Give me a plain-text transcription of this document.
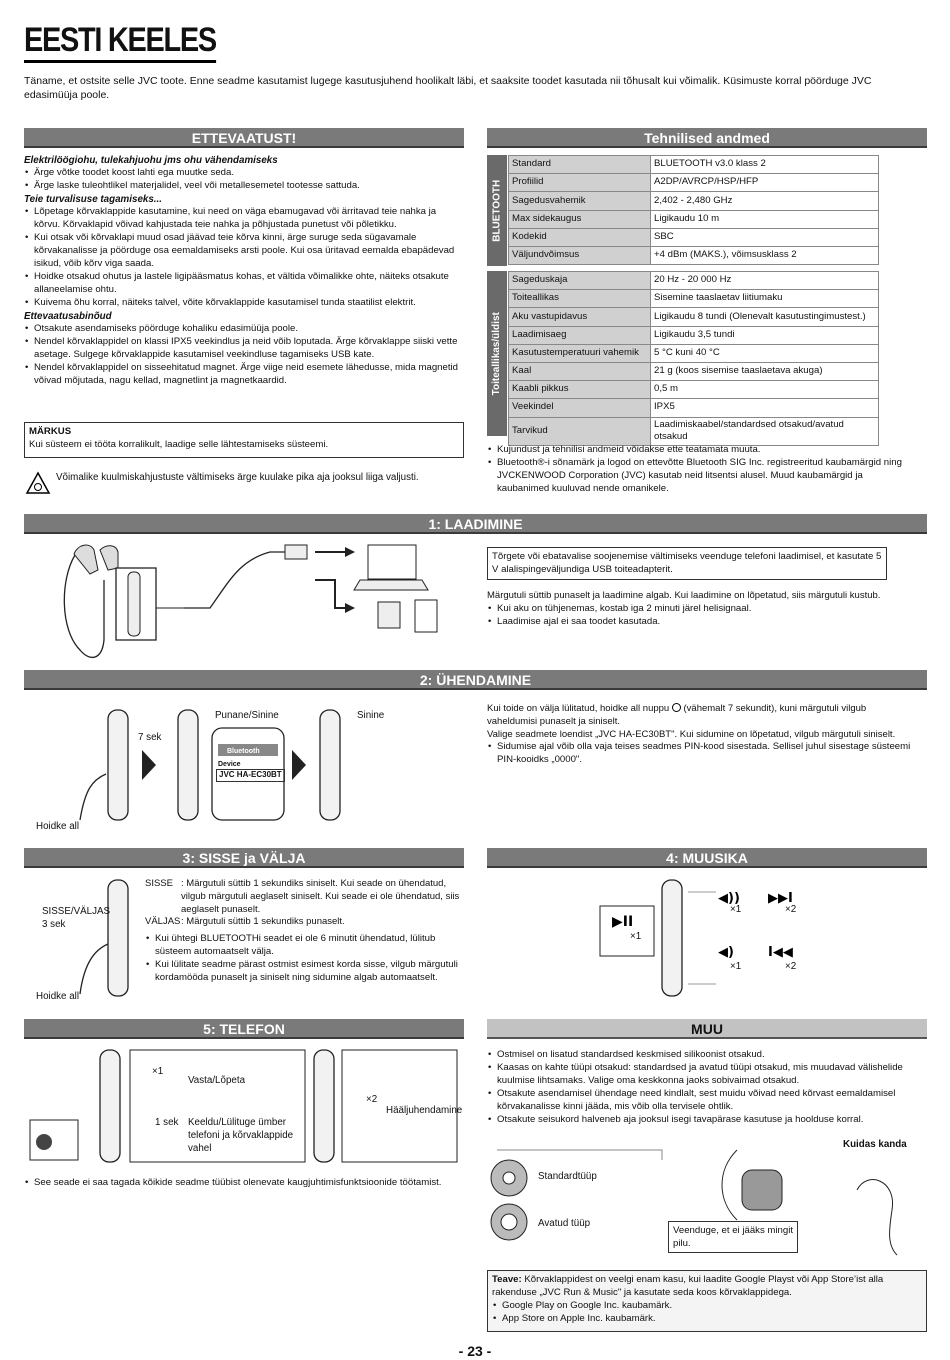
EESTI KEELES
Täname, et ostsite selle JVC toote. Enne seadme kasutamist lugege kasutusjuhend hoolikalt läbi, et saaksite toodet kasutada nii tõhusalt kui võimalik. Küsimuste korral pöörduge JVC edasimüüja poole.
ETTEVAATUST!
Elektrilöögiohu, tulekahjuohu jms ohu vähendamiseks
• Ärge võtke toodet koost lahti ega muutke seda.
• Ärge laske tuleohtlikel materjalidel, veel või metallesemetel tootesse sattuda.
Teie turvalisuse tagamiseks...
• Lõpetage kõrvaklappide kasutamine, kui need on väga ebamugavad või ärritavad teie nahka ja kõrvu. Kõrvaklapid võivad kahjustada teie nahka ja põhjustada punetust või põletikku.
• Kui otsak või kõrvaklapi muud osad jäävad teie kõrva kinni, ärge suruge seda sügavamale kõrvakanalisse ja pöörduge osa eemaldamiseks arsti poole. Kui osa üritavad eemalda ebapädevad isikud, võib kõrv viga saada.
• Hoidke otsakud ohutus ja lastele ligipääsmatus kohas, et vältida võimalikke ohte, näiteks otsakute allaneelamise ohtu.
• Kuivema õhu korral, näiteks talvel, võite kõrvaklappide kasutamisel tunda staatilist elektrit.
Ettevaatusabinõud
• Otsakute asendamiseks pöörduge kohaliku edasimüüja poole.
• Nendel kõrvaklappidel on klassi IPX5 veekindlus ja neid võib loputada. Ärge kõrvaklappe siiski vette asetage. Sulgege kõrvaklappide kasutamisel veekindluse tagamiseks USB kate.
• Nendel kõrvaklappidel on sisseehitatud magnet. Ärge viige neid esemete lähedusse, mida magnetid võivad mõjutada, nagu kellad, magnetlint ja magnetkaardid.
MÄRKUS
Kui süsteem ei tööta korralikult, laadige selle lähtestamiseks süsteemi.
Võimalike kuulmiskahjustuste vältimiseks ärge kuulake pika aja jooksul liiga valjusti.
Tehnilised andmed
BLUETOOTH
Standard	BLUETOOTH v3.0 klass 2
Profiilid	A2DP/AVRCP/HSP/HFP
Sagedusvahemik	2,402 - 2,480 GHz
Max sidekaugus	Ligikaudu 10 m
Kodekid	SBC
Väljundvõimsus	+4 dBm (MAKS.), võimsusklass 2
Toiteallikas/üldist
Sageduskaja	20 Hz - 20 000 Hz
Toiteallikas	Sisemine taaslaetav liitiumaku
Aku vastupidavus	Ligikaudu 8 tundi (Olenevalt kasutustingimustest.)
Laadimisaeg	Ligikaudu 3,5 tundi
Kasutustemperatuuri vahemik	5 °C kuni 40 °C
Kaal	21 g (koos sisemise taaslaetava akuga)
Kaabli pikkus	0,5 m
Veekindel	IPX5
Tarvikud	Laadimiskaabel/standardsed otsakud/avatud otsakud
• Kujundust ja tehnilisi andmeid võidakse ette teatamata muuta.
• Bluetooth®-i sõnamärk ja logod on ettevõtte Bluetooth SIG Inc. registreeritud kaubamärgid ning JVCKENWOOD Corporation (JVC) kasutab neid litsentsi alusel. Muud kaubamärgid ja kaubanimed kuuluvad nende omanikele.
1: LAADIMINE
Tõrgete või ebatavalise soojenemise vältimiseks veenduge telefoni laadimisel, et kasutate 5 V alalispingeväljundiga USB toiteadapterit.
Märgutuli süttib punaselt ja laadimine algab. Kui laadimine on lõpetatud, siis märgutuli kustub.
• Kui aku on tühjenemas, kostab iga 2 minuti järel helisignaal.
• Laadimise ajal ei saa toodet kasutada.
2: ÜHENDAMINE
7 sek
Punane/Sinine	Sinine
Bluetooth
Device
JVC HA-EC30BT
Hoidke all
Kui toide on välja lülitatud, hoidke all nuppu (vähemalt 7 sekundit), kuni märgutuli vilgub vaheldumisi punaselt ja siniselt.
Valige seadmete loendist „JVC HA-EC30BT". Kui sidumine on lõpetatud, vilgub märgutuli siniselt.
• Sidumise ajal võib olla vaja teises seadmes PIN-kood sisestada. Sellisel juhul sisestage süsteemi PIN-kooidks „0000".
3: SISSE ja VÄLJA
SISSE/VÄLJAS
3 sek
Hoidke all
SISSE : Märgutuli süttib 1 sekundiks siniselt. Kui seade on ühendatud, vilgub märgutuli aeglaselt siniselt. Kui seade ei ole ühendatud, siis aeglaselt punaselt.
VÄLJAS : Märgutuli süttib 1 sekundiks punaselt.
• Kui ühtegi BLUETOOTHi seadet ei ole 6 minutit ühendatud, lülitub süsteem automaatselt välja.
• Kui lülitate seadme pärast ostmist esimest korda sisse, vilgub märgutuli kordamööda punaselt ja siniselt ning sidumine algab automaatselt.
4: MUUSIKA
▶II
◀)) ▶▶I
◀)	I◀◀
×1
×1	×2
×1	×2
5: TELEFON
×1
Vasta/Lõpeta
1 sek Keeldu/Lülituge ümber telefoni ja kõrvaklappide vahel
×2
Hääljuhendamine
• See seade ei saa tagada kõikide seadme tüübist olenevate kaugjuhtimisfunktsioonide töötamist.
MUU
• Ostmisel on lisatud standardsed keskmised silikoonist otsakud.
• Kaasas on kahte tüüpi otsakud: standardsed ja avatud tüüpi otsakud, mis muudavad välishelide kuulmise lihtsamaks. Valige oma keskkonna jaoks sobivaimad otsakud.
• Otsakute asendamisel ühendage need kindlalt, sest muidu võivad need kõrvast eemaldamisel kõrvakanalisse kinni jääda, mis võib olla tervisele ohtlik.
• Otsakute seisukord halveneb aja jooksul isegi tavapärase kasutuse ja hoolduse korral.
Kuidas kanda
Standardtüüp
Avatud tüüp
Veenduge, et ei jääks mingit pilu.
Teave: Kõrvaklappidest on veelgi enam kasu, kui laadite Google Playst või App Store’ist alla rakenduse „JVC Run & Music" ja kasutate seda koos kõrvaklappidega.
• Google Play on Google Inc. kaubamärk.
• App Store on Apple Inc. kaubamärk.
- 23 -
